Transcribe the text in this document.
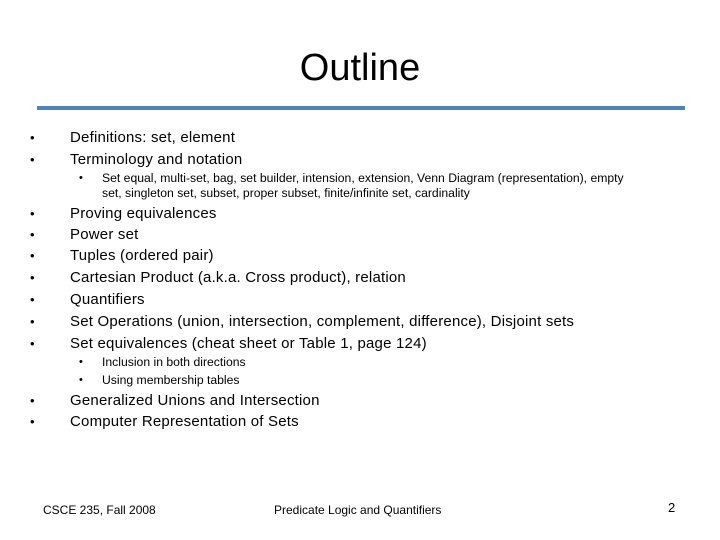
Outline
• Definitions: set, element
• Terminology and notation
• Set equal, multi-set, bag, set builder, intension, extension, Venn Diagram (representation), empty
set, singleton set, subset, proper subset, finite/infinite set, cardinality
• Proving equivalences
• Power set
• Tuples (ordered pair)
• Cartesian Product (a.k.a. Cross product), relation
• Quantifiers
• Set Operations (union, intersection, complement, difference), Disjoint sets
• Set equivalences (cheat sheet or Table 1, page 124)
• Inclusion in both directions
• Using membership tables
• Generalized Unions and Intersection
• Computer Representation of Sets
CSCE 235, Fall 2008	Predicate Logic and Quantifiers	2
